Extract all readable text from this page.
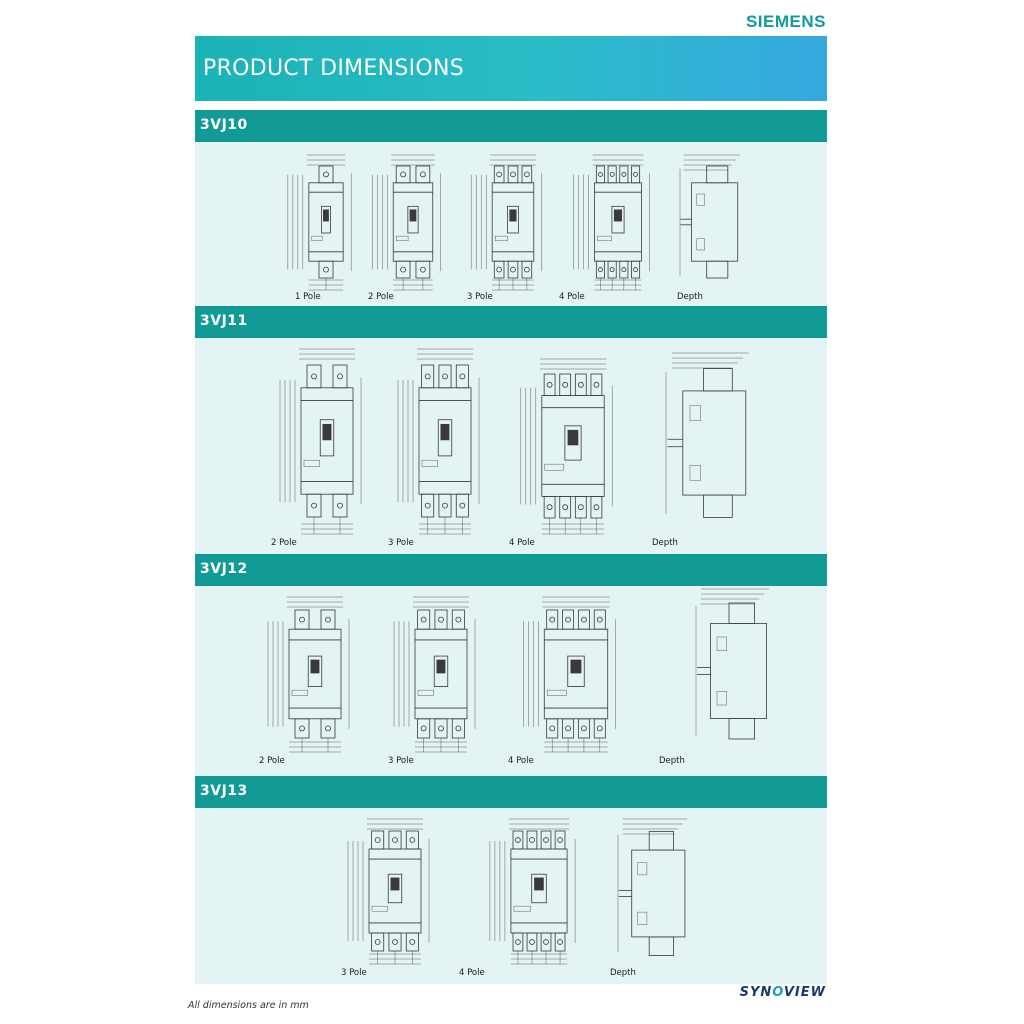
SIEMENS
PRODUCT DIMENSIONS
3VJ10
1 Pole	2 Pole	3 Pole	4 Pole	Depth
3VJ11
2 Pole	3 Pole	4 Pole	Depth
3VJ12
2 Pole	3 Pole	4 Pole	Depth
3VJ13
3 Pole	4 Pole	Depth
All dimensions are in mm
SYNOVIEW
